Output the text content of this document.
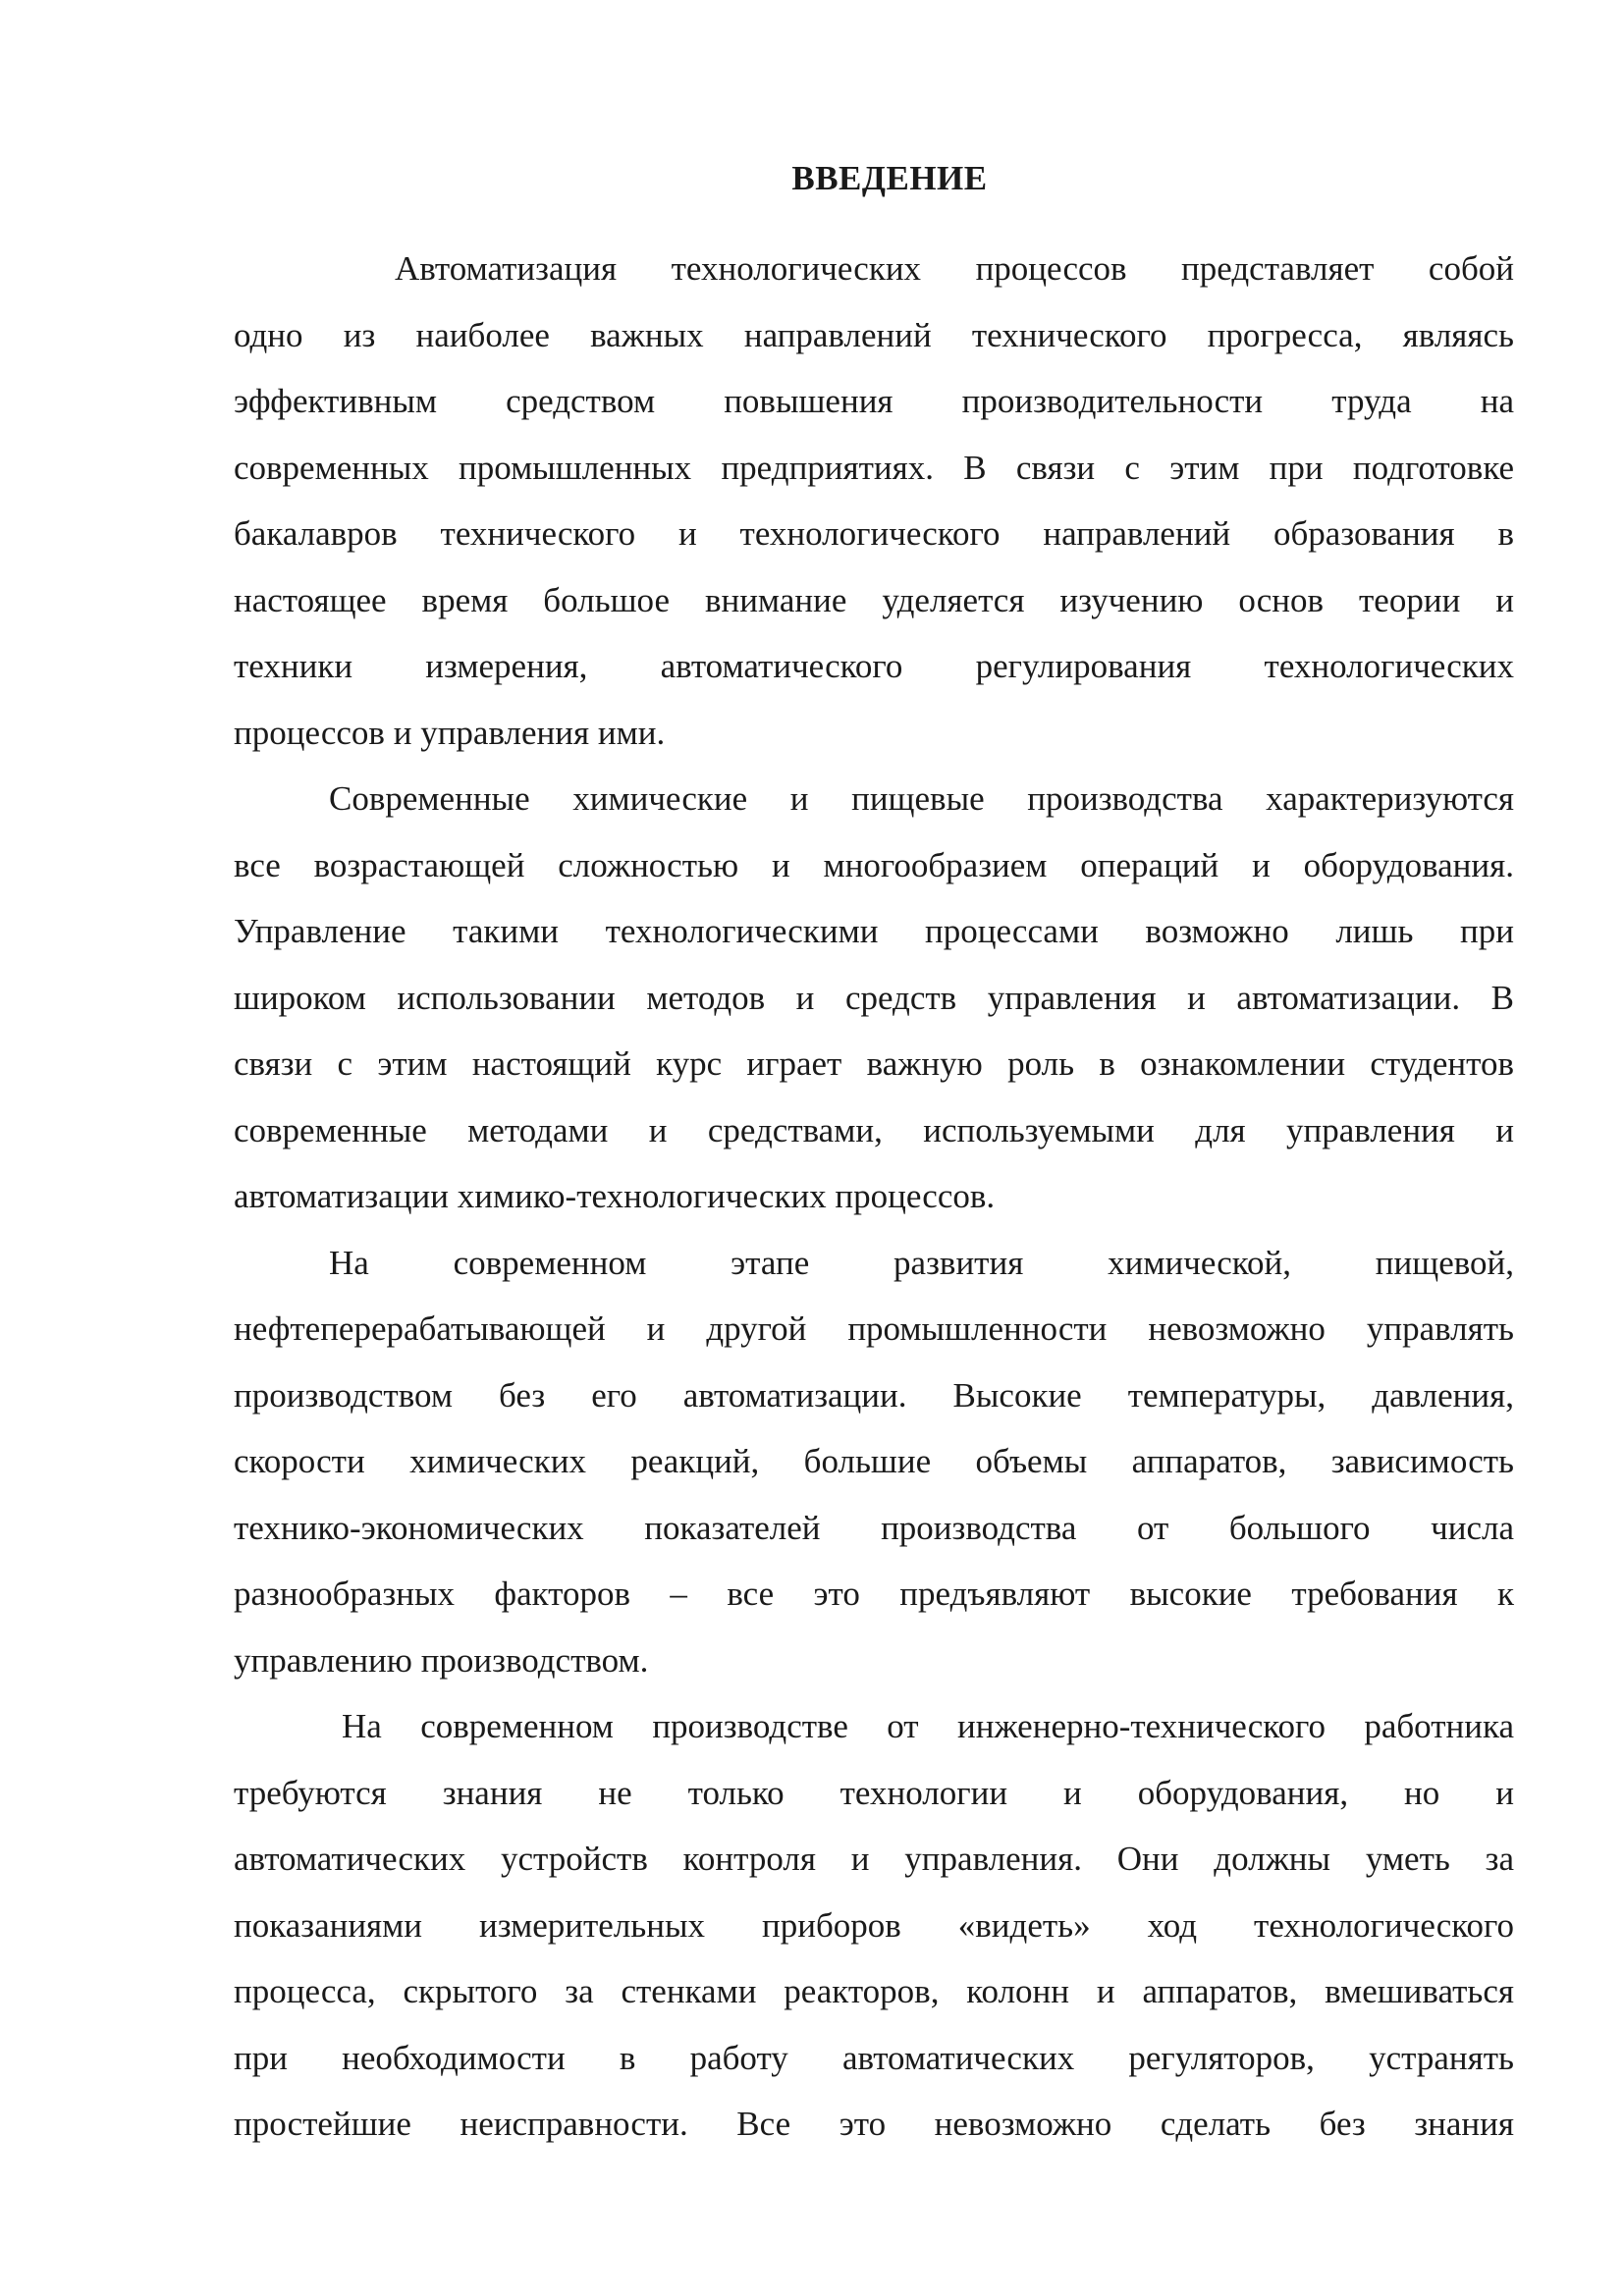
ВВЕДЕНИЕ
Автоматизация технологических процессов представляет собой
одно из наиболее важных направлений технического прогресса, являясь
эффективным средством повышения производительности труда на
современных промышленных предприятиях. В связи с этим при подготовке
бакалавров технического и технологического направлений образования в
настоящее время большое внимание уделяется изучению основ теории и
техники измерения, автоматического регулирования технологических
процессов и управления ими.
Современные химические и пищевые производства характеризуются
все возрастающей сложностью и многообразием операций и оборудования.
Управление такими технологическими процессами возможно лишь при
широком использовании методов и средств управления и автоматизации. В
связи с этим настоящий курс играет важную роль в ознакомлении студентов
современные методами и средствами, используемыми для управления и
автоматизации химико-технологических процессов.
На современном этапе развития химической, пищевой,
нефтеперерабатывающей и другой промышленности невозможно управлять
производством без его автоматизации. Высокие температуры, давления,
скорости химических реакций, большие объемы аппаратов, зависимость
технико-экономических показателей производства от большого числа
разнообразных факторов – все это предъявляют высокие требования к
управлению производством.
На современном производстве от инженерно-технического работника
требуются знания не только технологии и оборудования, но и
автоматических устройств контроля и управления. Они должны уметь за
показаниями измерительных приборов «видеть» ход технологического
процесса, скрытого за стенками реакторов, колонн и аппаратов, вмешиваться
при необходимости в работу автоматических регуляторов, устранять
простейшие неисправности. Все это невозможно сделать без знания
